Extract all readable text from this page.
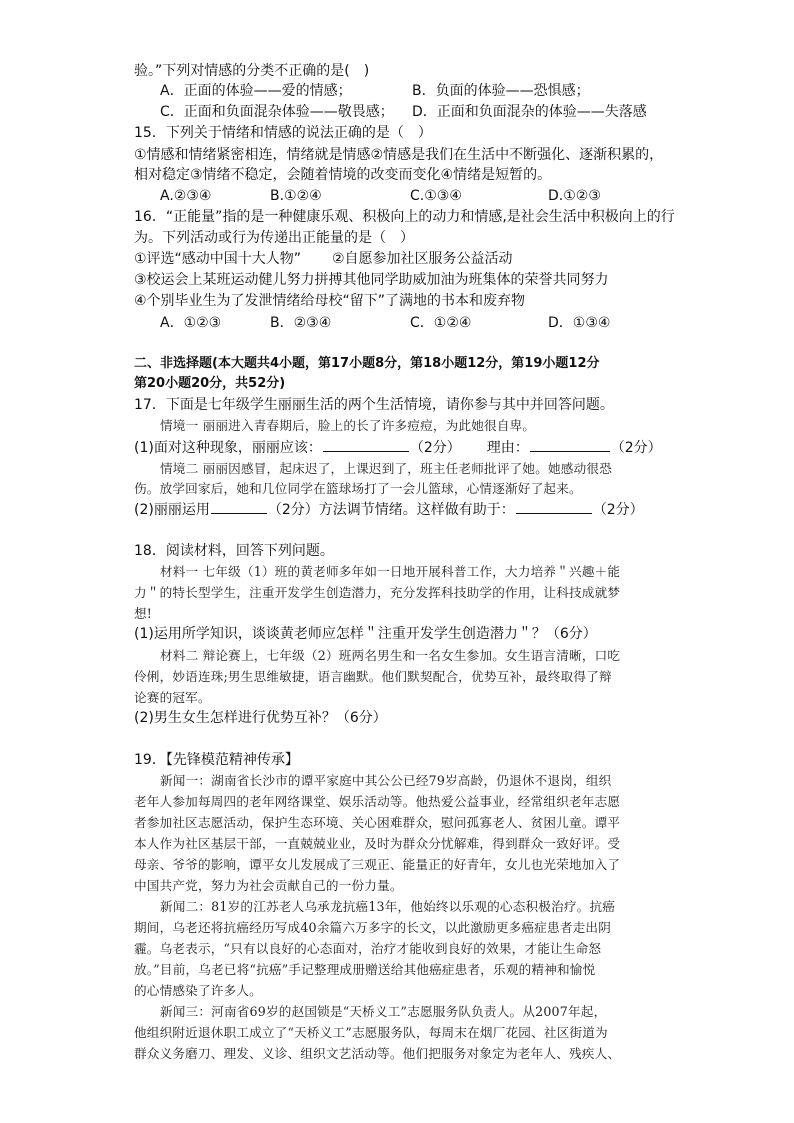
验。”下列对情感的分类不正确的是(　)
A．正面的体验——爱的情感；	B．负面的体验——恐惧感；
C．正面和负面混杂体验——敬畏感； D．正面和负面混杂的体验——失落感
15．下列关于情绪和情感的说法正确的是（　）
①情感和情绪紧密相连，情绪就是情感②情感是我们在生活中不断强化、逐渐积累的，
相对稳定③情绪不稳定，会随着情境的改变而变化④情绪是短暂的。
A.②③④	B.①②④	C.①③④	D.①②③
16．“正能量”指的是一种健康乐观、积极向上的动力和情感,是社会生活中积极向上的行
为。下列活动或行为传递出正能量的是（　）
①评选“感动中国十大人物” ②自愿参加社区服务公益活动
③校运会上某班运动健儿努力拼搏其他同学助威加油为班集体的荣誉共同努力
④个别毕业生为了发泄情绪给母校“留下”了满地的书本和废弃物
A．①②③	B．②③④	C．①②④	D．①③④
二、非选择题(本大题共4小题，第17小题8分，第18小题12分，第19小题12分
第20小题20分，共52分)
17．下面是七年级学生丽丽生活的两个生活情境，请你参与其中并回答问题。
情境一 丽丽进入青春期后，脸上的长了许多痘痘，为此她很自卑。
(1)面对这种现象，丽丽应该：	（2分） 理由：	（2分）
情境二 丽丽因感冒，起床迟了，上课迟到了，班主任老师批评了她。她感动很恐
伤。放学回家后，她和几位同学在篮球场打了一会儿篮球，心情逐渐好了起来。
(2)丽丽运用	（2分）方法调节情绪。这样做有助于：	（2分）
18．阅读材料，回答下列问题。
材料一 七年级（1）班的黄老师多年如一日地开展科普工作，大力培养＂兴趣＋能
力＂的特长型学生，注重开发学生创造潜力，充分发挥科技助学的作用，让科技成就梦
想!
(1)运用所学知识，谈谈黄老师应怎样＂注重开发学生创造潜力＂？（6分）
材料二 辩论赛上，七年级（2）班两名男生和一名女生参加。女生语言清晰，口吃
伶俐，妙语连珠;男生思维敏捷，语言幽默。他们默契配合，优势互补，最终取得了辩
论赛的冠军。
(2)男生女生怎样进行优势互补？（6分）
19．【先锋模范精神传承】
新闻一：湖南省长沙市的谭平家庭中其公公已经79岁高龄，仍退休不退岗，组织
老年人参加每周四的老年网络课堂、娱乐活动等。他热爱公益事业，经常组织老年志愿
者参加社区志愿活动，保护生态环境、关心困难群众，慰问孤寡老人、贫困儿童。谭平
本人作为社区基层干部，一直兢兢业业，及时为群众分忧解难，得到群众一致好评。受
母亲、爷爷的影响，谭平女儿发展成了三观正、能量正的好青年，女儿也光荣地加入了
中国共产党，努力为社会贡献自己的一份力量。
新闻二：81岁的江苏老人乌承龙抗癌13年，他始终以乐观的心态积极治疗。抗癌
期间，乌老还将抗癌经历写成40余篇六万多字的长文，以此激励更多癌症患者走出阴
霾。乌老表示，“只有以良好的心态面对，治疗才能收到良好的效果，才能让生命怒
放。”目前，乌老已将“抗癌”手记整理成册赠送给其他癌症患者，乐观的精神和愉悦
的心情感染了许多人。
新闻三：河南省69岁的赵国锁是“天桥义工”志愿服务队负责人。从2007年起，
他组织附近退休职工成立了“天桥义工”志愿服务队，每周末在烟厂花园、社区街道为
群众义务磨刀、理发、义诊、组织文艺活动等。他们把服务对象定为老年人、残疾人、
